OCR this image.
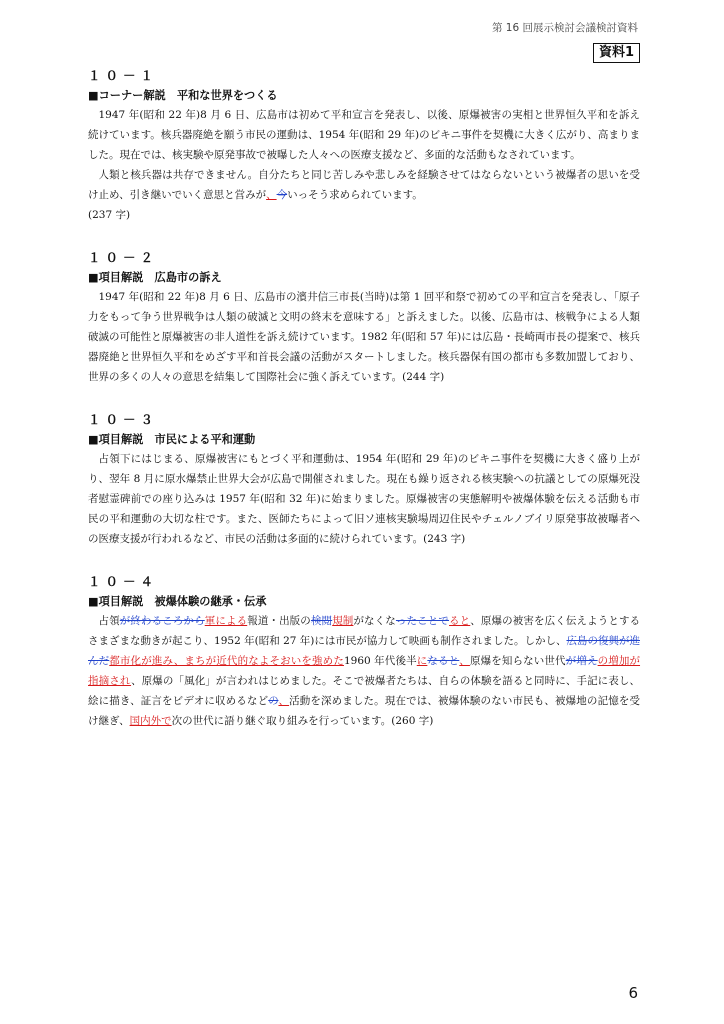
第 16 回展示検討会議検討資料
資料1
１０－１
■コーナー解説　平和な世界をつくる

1947 年(昭和 22 年)8 月 6 日、広島市は初めて平和宣言を発表し、以後、原爆被害の実相と世界恒久平和を訴え続けています。核兵器廃絶を願う市民の運動は、1954 年(昭和 29 年)のビキニ事件を契機に大きく広がり、高まりました。現在では、核実験や原発事故で被曝した人々への医療支援など、多面的な活動もなされています。

人類と核兵器は共存できません。自分たちと同じ苦しみや悲しみを経験させてはならないという被爆者の思いを受け止め、引き継いでいく意思と営みが、今いっそう求められています。

(237 字)

１０－２
■項目解説　広島市の訴え

1947 年(昭和 22 年)8 月 6 日、広島市の濱井信三市長(当時)は第 1 回平和祭で初めての平和宣言を発表し、「原子力をもって争う世界戦争は人類の破滅と文明の終末を意味する」と訴えました。以後、広島市は、核戦争による人類破滅の可能性と原爆被害の非人道性を訴え続けています。1982 年(昭和 57 年)には広島・長崎両市長の提案で、核兵器廃絶と世界恒久平和をめざす平和首長会議の活動がスタートしました。核兵器保有国の都市も多数加盟しており、世界の多くの人々の意思を結集して国際社会に強く訴えています。(244 字)

１０－３
■項目解説　市民による平和運動

占領下にはじまる、原爆被害にもとづく平和運動は、1954 年(昭和 29 年)のビキニ事件を契機に大きく盛り上がり、翌年 8 月に原水爆禁止世界大会が広島で開催されました。現在も繰り返される核実験への抗議としての原爆死没者慰霊碑前での座り込みは 1957 年(昭和 32 年)に始まりました。原爆被害の実態解明や被爆体験を伝える活動も市民の平和運動の大切な柱です。また、医師たちによって旧ソ連核実験場周辺住民やチェルノブイリ原発事故被曝者への医療支援が行われるなど、市民の活動は多面的に続けられています。(243 字)

１０－４
■項目解説　被爆体験の継承・伝承

占領が終わるころから軍による報道・出版の検閲規制がなくなったことでると、原爆の被害を広く伝えようとするさまざまな動きが起こり、1952 年(昭和 27 年)には市民が協力して映画も制作されました。しかし、広島の復興が進んだ都市化が進み、まちが近代的なよそおいを強めた1960 年代後半になると、原爆を知らない世代が増えの増加が指摘され、原爆の「風化」が言われはじめました。そこで被爆者たちは、自らの体験を語ると同時に、手記に表し、絵に描き、証言をビデオに収めるなどの、活動を深めました。現在では、被爆体験のない市民も、被爆地の記憶を受け継ぎ、国内外で次の世代に語り継ぐ取り組みを行っています。(260 字)

6
